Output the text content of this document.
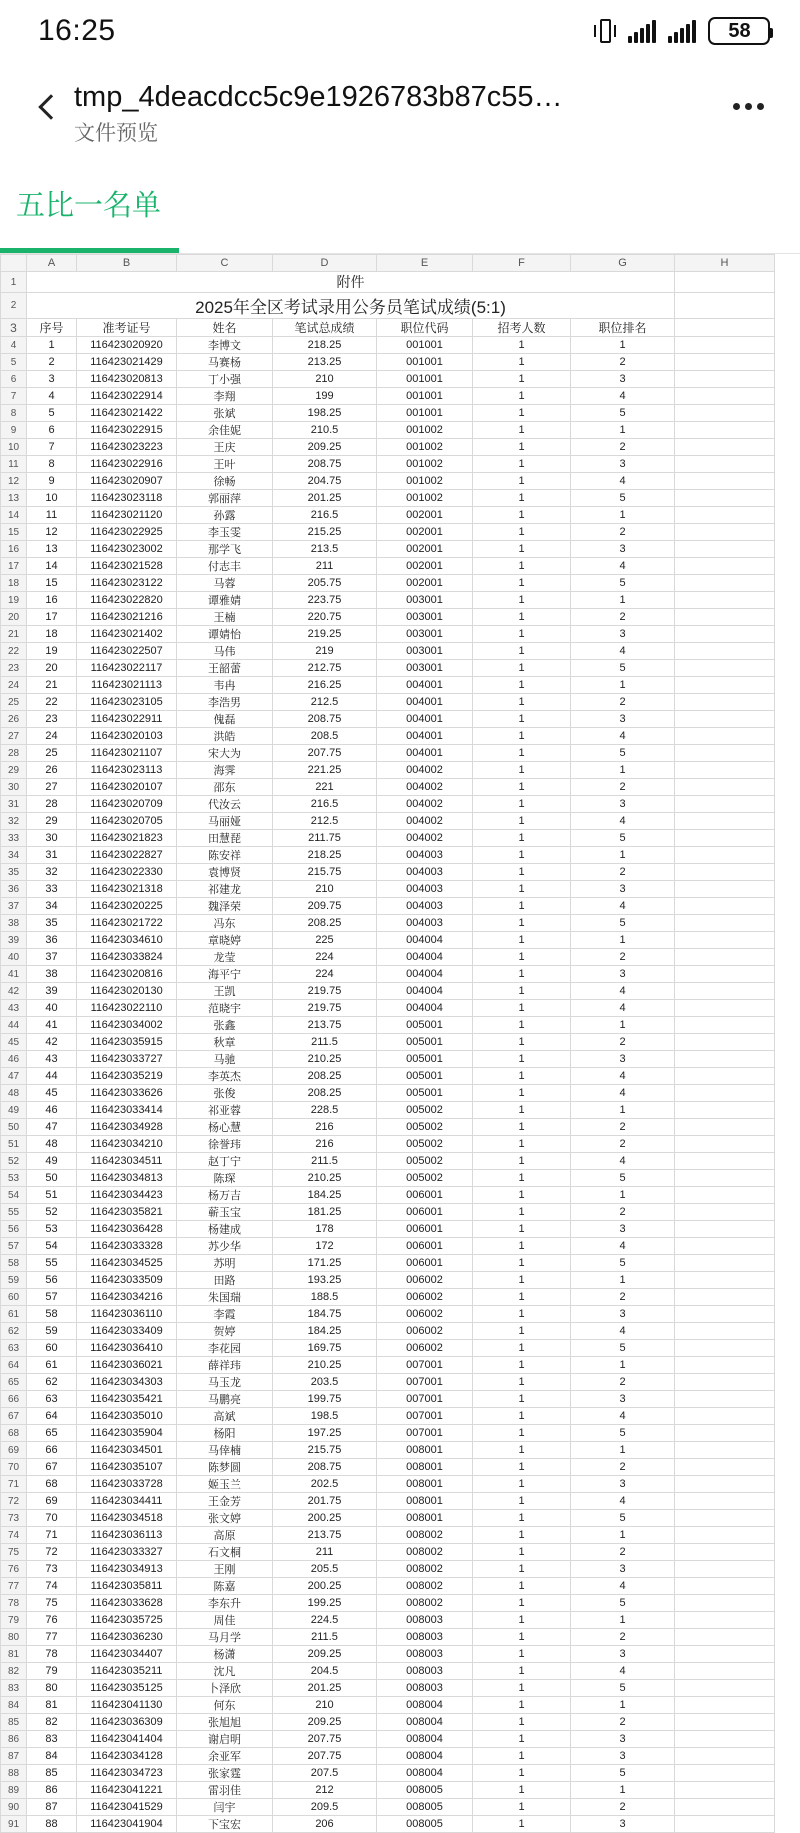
16:25	58
tmp_4deacdcc5c9e1926783b87c55…
文件预览
五比一名单
	A	B	C	D	E	F	G	H
1	附件							
2	2025年全区考试录用公务员笔试成绩(5:1)							
3	序号	准考证号	姓名	笔试总成绩	职位代码	招考人数	职位排名	
4	1	116423020920	李博文	218.25	001001	1	1	
5	2	116423021429	马赛杨	213.25	001001	1	2	
6	3	116423020813	丁小强	210	001001	1	3	
7	4	116423022914	李翔	199	001001	1	4	
8	5	116423021422	张斌	198.25	001001	1	5	
9	6	116423022915	余佳妮	210.5	001002	1	1	
10	7	116423023223	王庆	209.25	001002	1	2	
11	8	116423022916	王叶	208.75	001002	1	3	
12	9	116423020907	徐畅	204.75	001002	1	4	
13	10	116423023118	郭丽萍	201.25	001002	1	5	
14	11	116423021120	孙露	216.5	002001	1	1	
15	12	116423022925	李玉雯	215.25	002001	1	2	
16	13	116423023002	那学飞	213.5	002001	1	3	
17	14	116423021528	付志丰	211	002001	1	4	
18	15	116423023122	马蓉	205.75	002001	1	5	
19	16	116423022820	谭雅婧	223.75	003001	1	1	
20	17	116423021216	王楠	220.75	003001	1	2	
21	18	116423021402	谭婧怡	219.25	003001	1	3	
22	19	116423022507	马伟	219	003001	1	4	
23	20	116423022117	王韶蕾	212.75	003001	1	5	
24	21	116423021113	韦冉	216.25	004001	1	1	
25	22	116423023105	李浩男	212.5	004001	1	2	
26	23	116423022911	傀磊	208.75	004001	1	3	
27	24	116423020103	洪皓	208.5	004001	1	4	
28	25	116423021107	宋大为	207.75	004001	1	5	
29	26	116423023113	海霁	221.25	004002	1	1	
30	27	116423020107	邵东	221	004002	1	2	
31	28	116423020709	代汝云	216.5	004002	1	3	
32	29	116423020705	马丽娅	212.5	004002	1	4	
33	30	116423021823	田慧琵	211.75	004002	1	5	
34	31	116423022827	陈安祥	218.25	004003	1	1	
35	32	116423022330	袁博贤	215.75	004003	1	2	
36	33	116423021318	祁建龙	210	004003	1	3	
37	34	116423020225	魏泽荣	209.75	004003	1	4	
38	35	116423021722	冯东	208.25	004003	1	5	
39	36	116423034610	章晓婷	225	004004	1	1	
40	37	116423033824	龙莹	224	004004	1	2	
41	38	116423020816	海平宁	224	004004	1	3	
42	39	116423020130	王凯	219.75	004004	1	4	
43	40	116423022110	范晓宇	219.75	004004	1	4	
44	41	116423034002	张鑫	213.75	005001	1	1	
45	42	116423035915	秋章	211.5	005001	1	2	
46	43	116423033727	马驰	210.25	005001	1	3	
47	44	116423035219	李英杰	208.25	005001	1	4	
48	45	116423033626	张俊	208.25	005001	1	4	
49	46	116423033414	祁亚蓉	228.5	005002	1	1	
50	47	116423034928	杨心慧	216	005002	1	2	
51	48	116423034210	徐誉玮	216	005002	1	2	
52	49	116423034511	赵丁宁	211.5	005002	1	4	
53	50	116423034813	陈琛	210.25	005002	1	5	
54	51	116423034423	杨万吉	184.25	006001	1	1	
55	52	116423035821	蕲玉宝	181.25	006001	1	2	
56	53	116423036428	杨建成	178	006001	1	3	
57	54	116423033328	苏少华	172	006001	1	4	
58	55	116423034525	苏明	171.25	006001	1	5	
59	56	116423033509	田路	193.25	006002	1	1	
60	57	116423034216	朱国瑞	188.5	006002	1	2	
61	58	116423036110	李霞	184.75	006002	1	3	
62	59	116423033409	贺婷	184.25	006002	1	4	
63	60	116423036410	李花园	169.75	006002	1	5	
64	61	116423036021	薛祥玮	210.25	007001	1	1	
65	62	116423034303	马玉龙	203.5	007001	1	2	
66	63	116423035421	马鹏亮	199.75	007001	1	3	
67	64	116423035010	高斌	198.5	007001	1	4	
68	65	116423035904	杨阳	197.25	007001	1	5	
69	66	116423034501	马倖楠	215.75	008001	1	1	
70	67	116423035107	陈梦圆	208.75	008001	1	2	
71	68	116423033728	姬玉兰	202.5	008001	1	3	
72	69	116423034411	王金芳	201.75	008001	1	4	
73	70	116423034518	张文婷	200.25	008001	1	5	
74	71	116423036113	高原	213.75	008002	1	1	
75	72	116423033327	石文桐	211	008002	1	2	
76	73	116423034913	王刚	205.5	008002	1	3	
77	74	116423035811	陈嘉	200.25	008002	1	4	
78	75	116423033628	李东升	199.25	008002	1	5	
79	76	116423035725	周佳	224.5	008003	1	1	
80	77	116423036230	马月学	211.5	008003	1	2	
81	78	116423034407	杨潇	209.25	008003	1	3	
82	79	116423035211	沈凡	204.5	008003	1	4	
83	80	116423035125	卜泽欣	201.25	008003	1	5	
84	81	116423041130	何东	210	008004	1	1	
85	82	116423036309	张旭旭	209.25	008004	1	2	
86	83	116423041404	谢启明	207.75	008004	1	3	
87	84	116423034128	余亚军	207.75	008004	1	3	
88	85	116423034723	张家霆	207.5	008004	1	5	
89	86	116423041221	雷羽佳	212	008005	1	1	
90	87	116423041529	闫宇	209.5	008005	1	2	
91	88	116423041904	下宝宏	206	008005	1	3	
